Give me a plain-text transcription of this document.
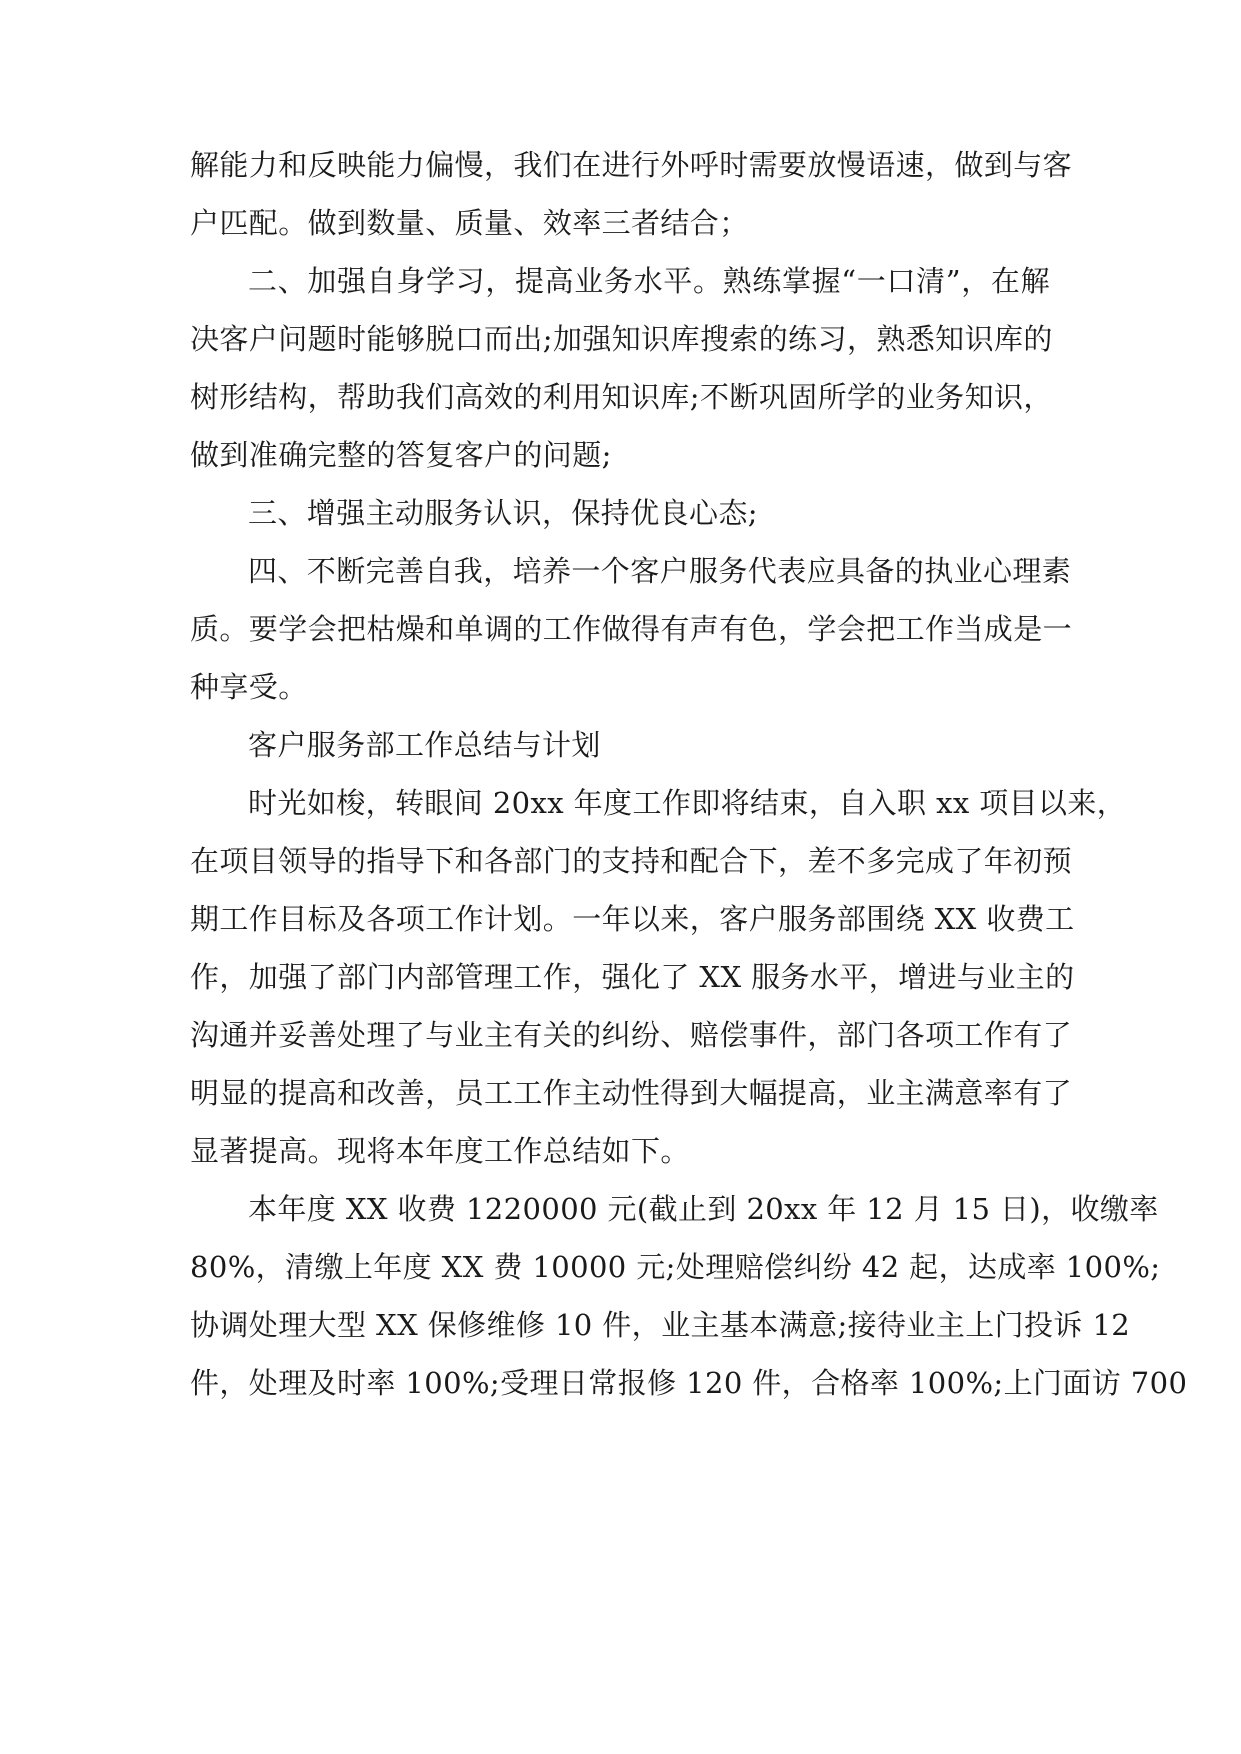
解能力和反映能力偏慢，我们在进行外呼时需要放慢语速，做到与客

户匹配。做到数量、质量、效率三者结合；

二、加强自身学习，提高业务水平。熟练掌握“一口清”，在解

决客户问题时能够脱口而出;加强知识库搜索的练习，熟悉知识库的

树形结构，帮助我们高效的利用知识库;不断巩固所学的业务知识，

做到准确完整的答复客户的问题;

三、增强主动服务认识，保持优良心态;

四、不断完善自我，培养一个客户服务代表应具备的执业心理素

质。要学会把枯燥和单调的工作做得有声有色，学会把工作当成是一

种享受。

客户服务部工作总结与计划

时光如梭，转眼间 20xx 年度工作即将结束，自入职 xx 项目以来，

在项目领导的指导下和各部门的支持和配合下，差不多完成了年初预

期工作目标及各项工作计划。一年以来，客户服务部围绕 XX 收费工

作，加强了部门内部管理工作，强化了 XX 服务水平，增进与业主的

沟通并妥善处理了与业主有关的纠纷、赔偿事件，部门各项工作有了

明显的提高和改善，员工工作主动性得到大幅提高，业主满意率有了

显著提高。现将本年度工作总结如下。

本年度 XX 收费 1220000 元(截止到 20xx 年 12 月 15 日)，收缴率

80%，清缴上年度 XX 费 10000 元;处理赔偿纠纷 42 起，达成率 100%;

协调处理大型 XX 保修维修 10 件，业主基本满意;接待业主上门投诉 12

件，处理及时率 100%;受理日常报修 120 件，合格率 100%;上门面访 700
